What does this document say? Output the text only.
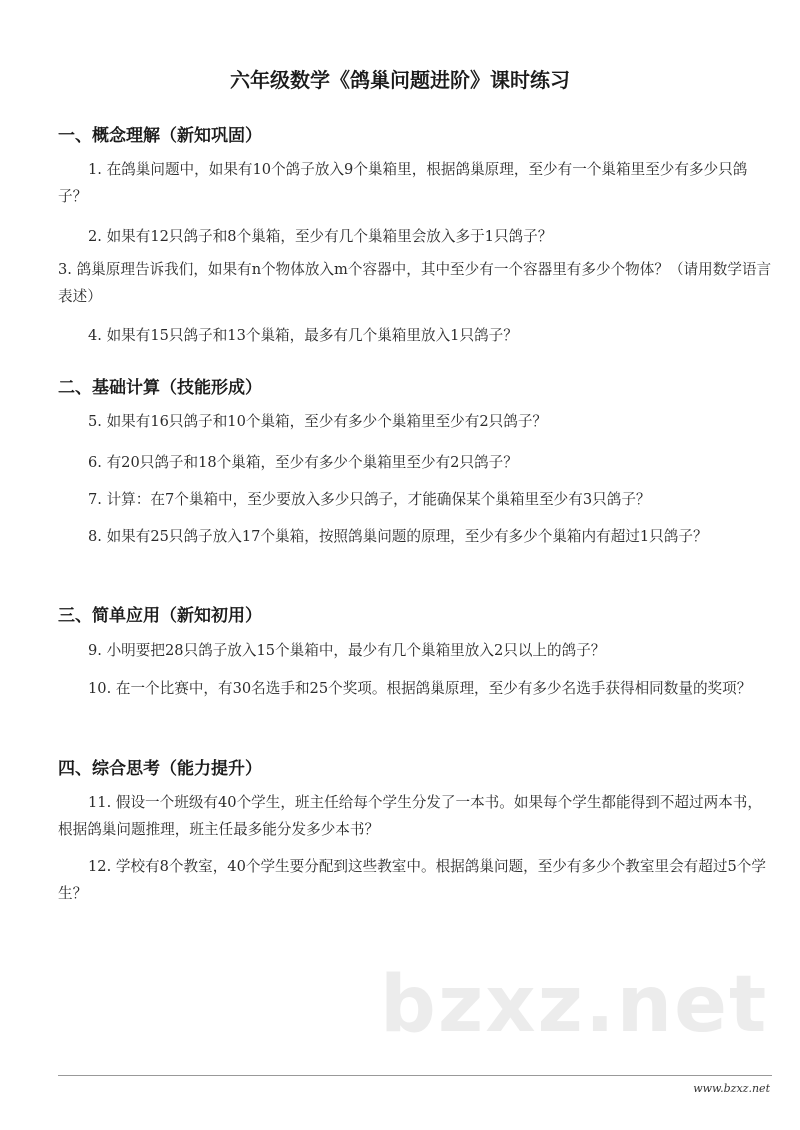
六年级数学《鸽巢问题进阶》课时练习
一、概念理解（新知巩固）
1. 在鸽巢问题中，如果有10个鸽子放入9个巢箱里，根据鸽巢原理，至少有一个巢箱里至少有多少只鸽子？
2. 如果有12只鸽子和8个巢箱，至少有几个巢箱里会放入多于1只鸽子？
3. 鸽巢原理告诉我们，如果有n个物体放入m个容器中，其中至少有一个容器里有多少个物体？（请用数学语言表述）
4. 如果有15只鸽子和13个巢箱，最多有几个巢箱里放入1只鸽子？
二、基础计算（技能形成）
5. 如果有16只鸽子和10个巢箱，至少有多少个巢箱里至少有2只鸽子？
6. 有20只鸽子和18个巢箱，至少有多少个巢箱里至少有2只鸽子？
7. 计算：在7个巢箱中，至少要放入多少只鸽子，才能确保某个巢箱里至少有3只鸽子？
8. 如果有25只鸽子放入17个巢箱，按照鸽巢问题的原理，至少有多少个巢箱内有超过1只鸽子？
三、简单应用（新知初用）
9. 小明要把28只鸽子放入15个巢箱中，最少有几个巢箱里放入2只以上的鸽子？
10. 在一个比赛中，有30名选手和25个奖项。根据鸽巢原理，至少有多少名选手获得相同数量的奖项？
四、综合思考（能力提升）
11. 假设一个班级有40个学生，班主任给每个学生分发了一本书。如果每个学生都能得到不超过两本书，根据鸽巢问题推理，班主任最多能分发多少本书？
12. 学校有8个教室，40个学生要分配到这些教室中。根据鸽巢问题，至少有多少个教室里会有超过5个学生？
bzxz.net
www.bzxz.net
